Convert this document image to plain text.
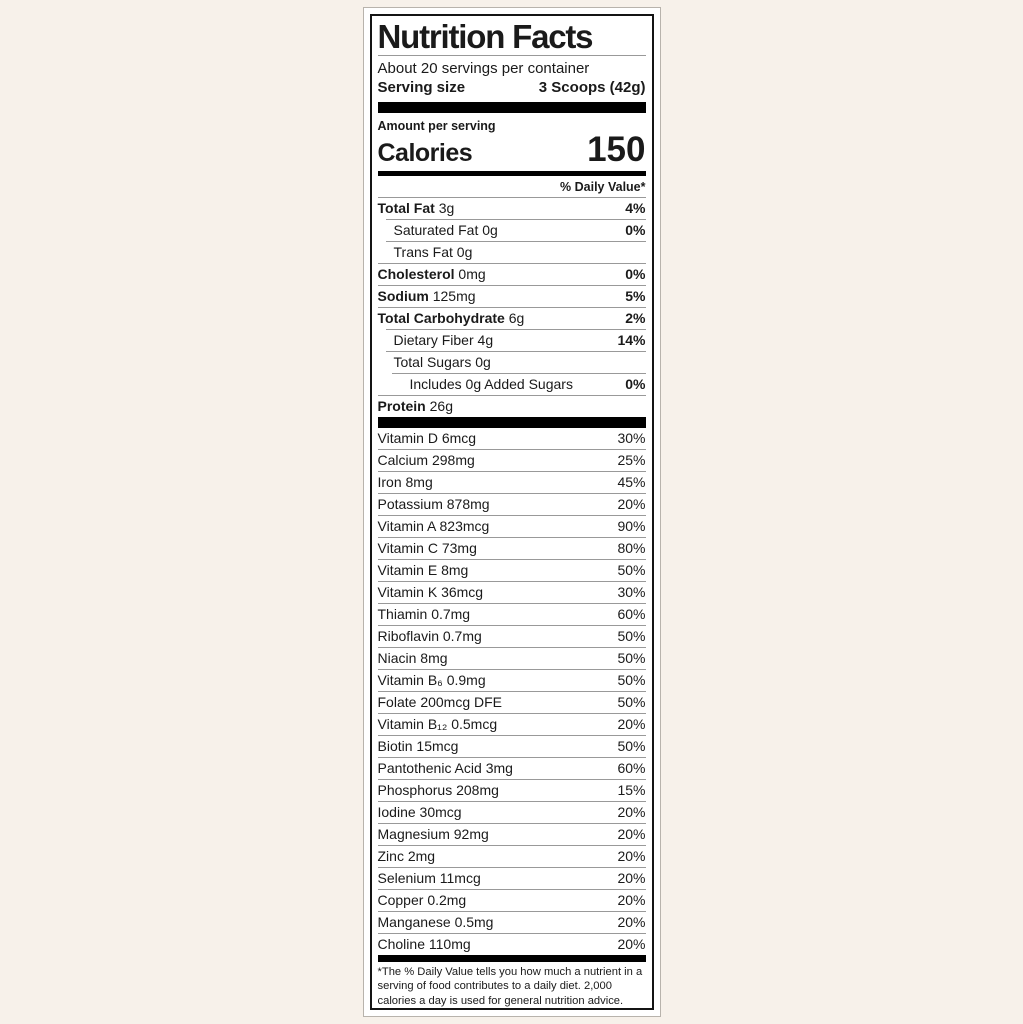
Nutrition Facts
About 20 servings per container
Serving size	3 Scoops (42g)
Amount per serving
Calories	150
% Daily Value*
Total Fat 3g	4%
Saturated Fat 0g	0%
Trans Fat 0g
Cholesterol 0mg	0%
Sodium 125mg	5%
Total Carbohydrate 6g	2%
Dietary Fiber 4g	14%
Total Sugars 0g
Includes 0g Added Sugars	0%
Protein 26g
Vitamin D 6mcg	30%
Calcium 298mg	25%
Iron 8mg	45%
Potassium 878mg	20%
Vitamin A 823mcg	90%
Vitamin C 73mg	80%
Vitamin E 8mg	50%
Vitamin K 36mcg	30%
Thiamin 0.7mg	60%
Riboflavin 0.7mg	50%
Niacin 8mg	50%
Vitamin B₆ 0.9mg	50%
Folate 200mcg DFE	50%
Vitamin B₁₂ 0.5mcg	20%
Biotin 15mcg	50%
Pantothenic Acid 3mg	60%
Phosphorus 208mg	15%
Iodine 30mcg	20%
Magnesium 92mg	20%
Zinc 2mg	20%
Selenium 11mcg	20%
Copper 0.2mg	20%
Manganese 0.5mg	20%
Choline 110mg	20%
*The % Daily Value tells you how much a nutrient in a serving of food contributes to a daily diet. 2,000 calories a day is used for general nutrition advice.
